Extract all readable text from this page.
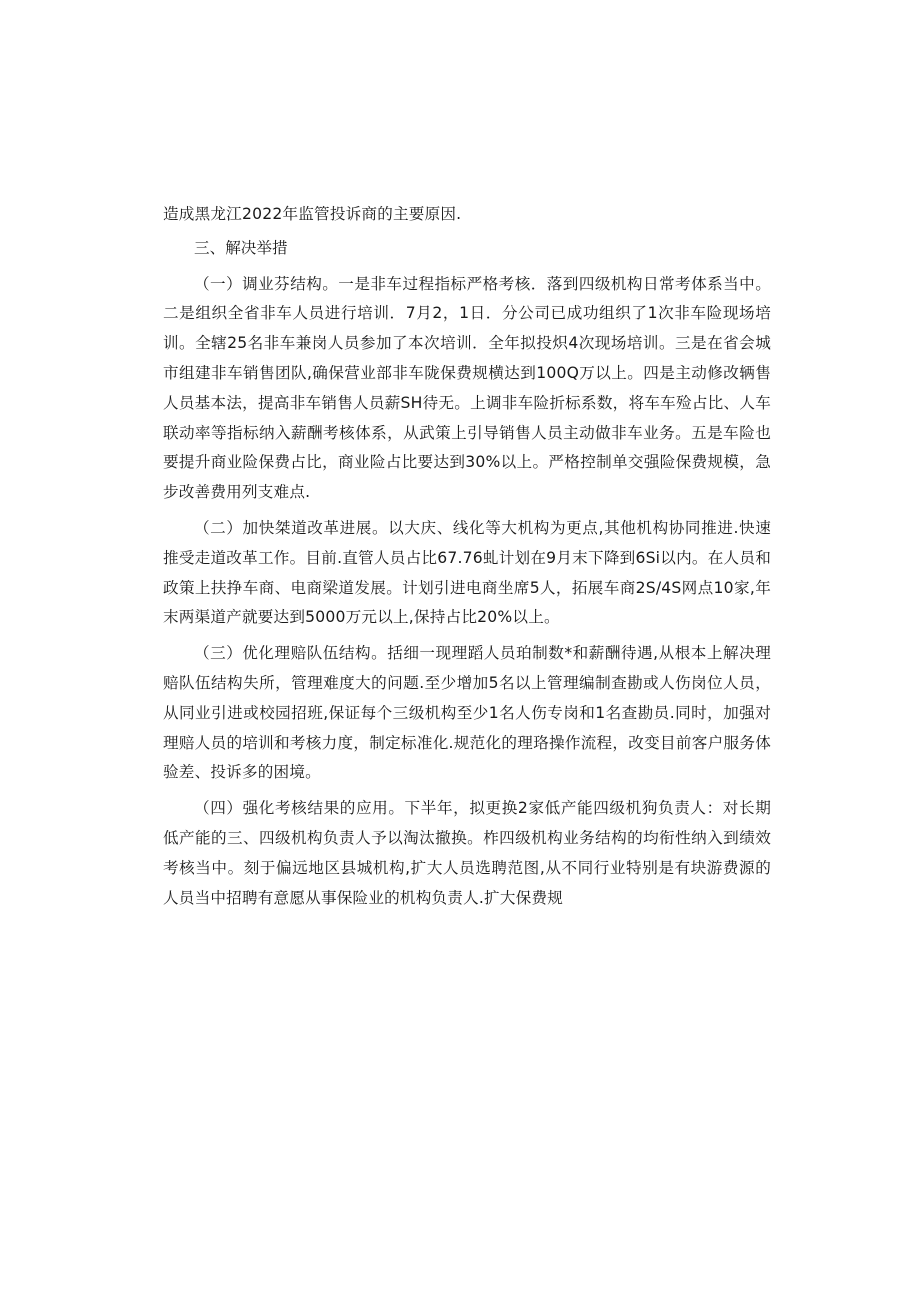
造成黑龙江2022年监管投诉商的主要原因.

三、解决举措

（一）调业芬结构。一是非车过程指标严格考核．落到四级机构日常考体系当中。二是组织全省非车人员进行培训．7月2，1日．分公司已成功组织了1次非车险现场培训。全辖25名非车兼岗人员参加了本次培训．全年拟投炽4次现场培训。三是在省会城市组建非车销售团队,确保营业部非车陇保费规横达到100Q万以上。四是主动修改辆售人员基本法，提高非车销售人员薪SH待无。上调非车险折标系数，将车车殓占比、人车联动率等指标纳入薪酬考核体系，从武策上引导销售人员主动做非车业务。五是车险也要提升商业险保费占比，商业险占比要达到30%以上。严格控制单交强险保费规模，急步改善费用列支难点.

（二）加快桀道改革进展。以大庆、线化等大机构为更点,其他机构协同推进.快速推受走道改革工作。目前.直管人员占比67.76虬计划在9月末下降到6Si以内。在人员和政策上扶挣车商、电商梁道发展。计划引进电商坐席5人，拓展车商2S/4S网点10家,年末两渠道产就要达到5000万元以上,保持占比20%以上。

（三）优化理赔队伍结构。括细一现理蹈人员珀制数*和薪酬待遇,从根本上解决理赔队伍结构失所，管理难度大的问题.至少增加5名以上管理编制查勘或人伤岗位人员，从同业引进或校园招班,保证每个三级机构至少1名人伤专岗和1名查勘员.同时，加强对理赔人员的培训和考核力度，制定标准化.规范化的理珞操作流程，改变目前客户服务体验差、投诉多的困境。

（四）强化考核结果的应用。下半年，拟更换2家低产能四级机狗负责人：对长期低产能的三、四级机构负责人予以淘汰撤换。柞四级机构业务结构的均衔性纳入到绩效考核当中。刻于偏远地区县城机构,扩大人员选聘范图,从不同行业特别是有块游费源的人员当中招聘有意愿从事保险业的机构负责人.扩大保费规
